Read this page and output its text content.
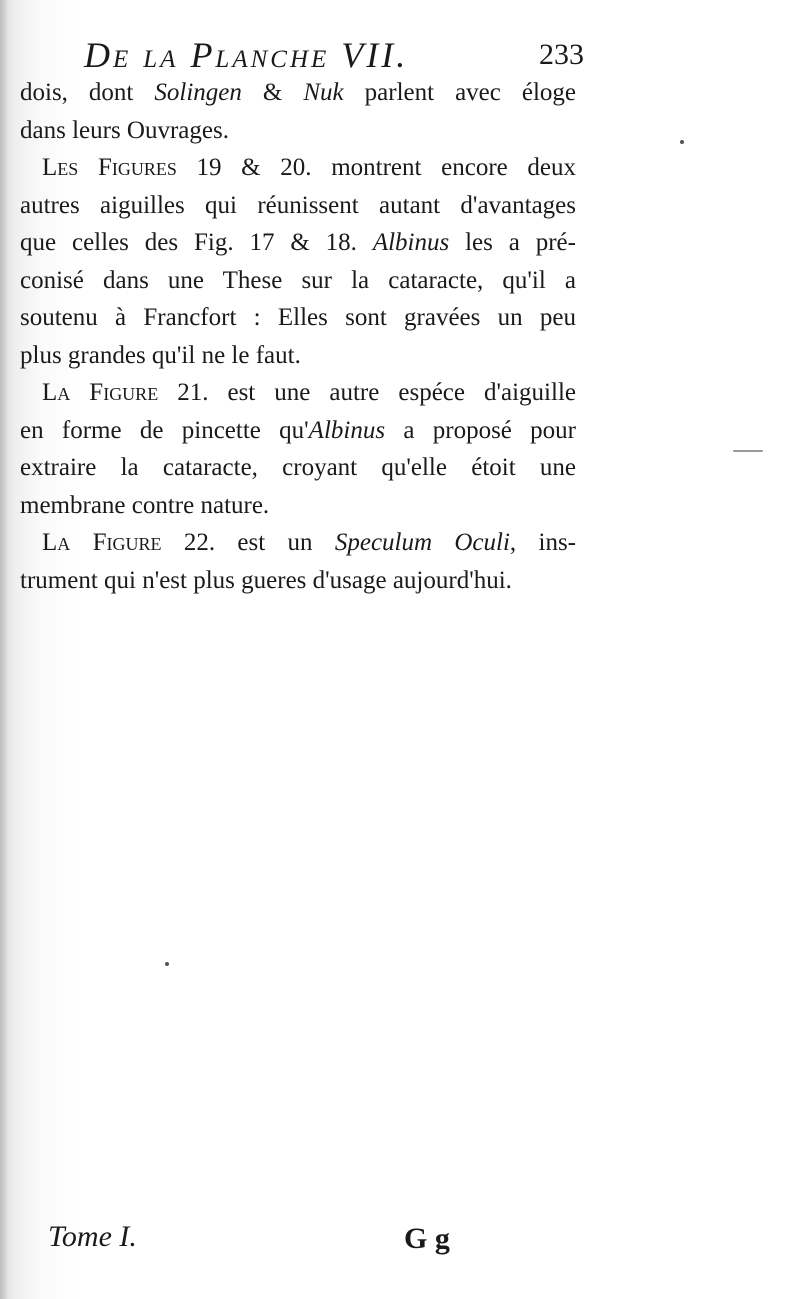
De la Planche VII.	233
dois, dont Solingen & Nuk parlent avec éloge
dans leurs Ouvrages.
Les Figures 19 & 20. montrent encore deux
autres aiguilles qui réunissent autant d'avantages
que celles des Fig. 17 & 18. Albinus les a pré-
conisé dans une These sur la cataracte, qu'il a
soutenu à Francfort : Elles sont gravées un peu
plus grandes qu'il ne le faut.
La Figure 21. est une autre espéce d'aiguille
en forme de pincette qu'Albinus a proposé pour
extraire la cataracte, croyant qu'elle étoit une
membrane contre nature.
La Figure 22. est un Speculum Oculi, ins-
trument qui n'est plus gueres d'usage aujourd'hui.
Tome I.	G g
